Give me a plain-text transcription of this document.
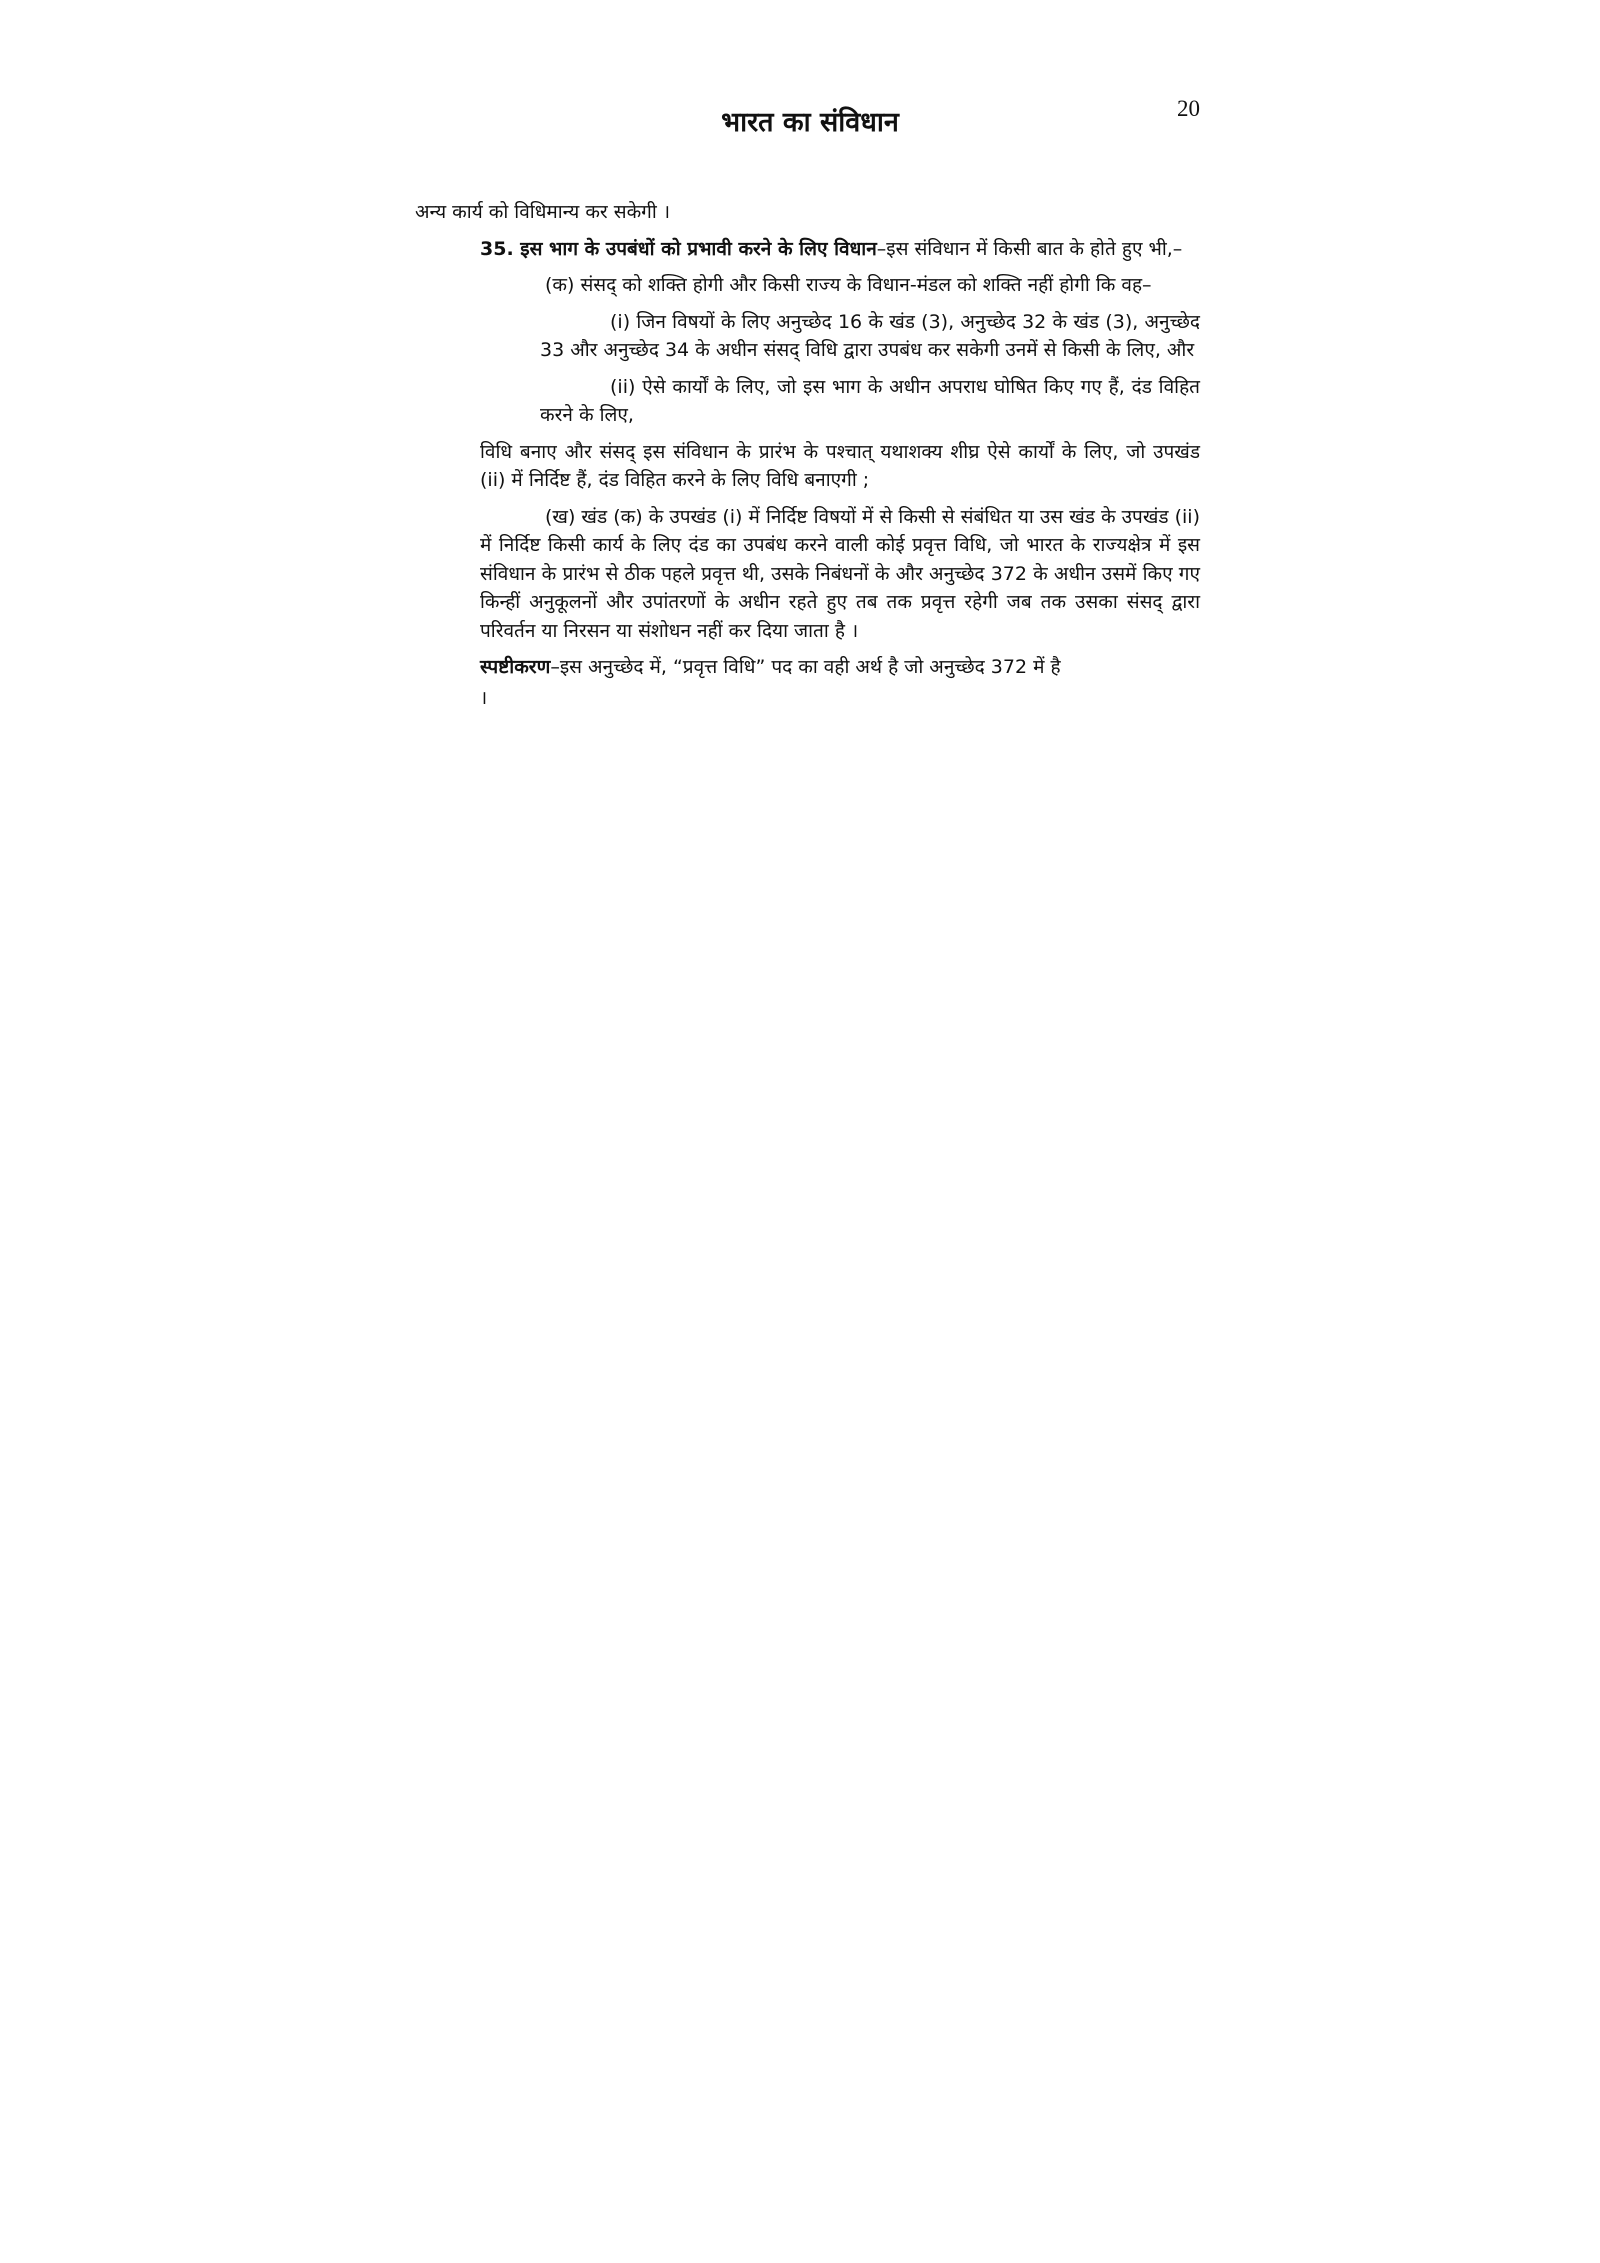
भारत का संविधान	20

अन्य कार्य को विधिमान्य कर सकेगी ।

35. इस भाग के उपबंधों को प्रभावी करने के लिए विधान–इस संविधान में किसी बात के होते हुए भी,–

(क) संसद् को शक्ति होगी और किसी राज्य के विधान-मंडल को शक्ति नहीं होगी कि वह–

(i) जिन विषयों के लिए अनुच्छेद 16 के खंड (3), अनुच्छेद 32 के खंड (3), अनुच्छेद 33 और अनुच्छेद 34 के अधीन संसद् विधि द्वारा उपबंध कर सकेगी उनमें से किसी के लिए, और

(ii) ऐसे कार्यों के लिए, जो इस भाग के अधीन अपराध घोषित किए गए हैं, दंड विहित करने के लिए,

विधि बनाए और संसद् इस संविधान के प्रारंभ के पश्चात् यथाशक्य शीघ्र ऐसे कार्यों के लिए, जो उपखंड (ii) में निर्दिष्ट हैं, दंड विहित करने के लिए विधि बनाएगी ;

(ख) खंड (क) के उपखंड (i) में निर्दिष्ट विषयों में से किसी से संबंधित या उस खंड के उपखंड (ii) में निर्दिष्ट किसी कार्य के लिए दंड का उपबंध करने वाली कोई प्रवृत्त विधि, जो भारत के राज्यक्षेत्र में इस संविधान के प्रारंभ से ठीक पहले प्रवृत्त थी, उसके निबंधनों के और अनुच्छेद 372 के अधीन उसमें किए गए किन्हीं अनुकूलनों और उपांतरणों के अधीन रहते हुए तब तक प्रवृत्त रहेगी जब तक उसका संसद् द्वारा परिवर्तन या निरसन या संशोधन नहीं कर दिया जाता है ।

स्पष्टीकरण–इस अनुच्छेद में, “प्रवृत्त विधि” पद का वही अर्थ है जो अनुच्छेद 372 में है
।
